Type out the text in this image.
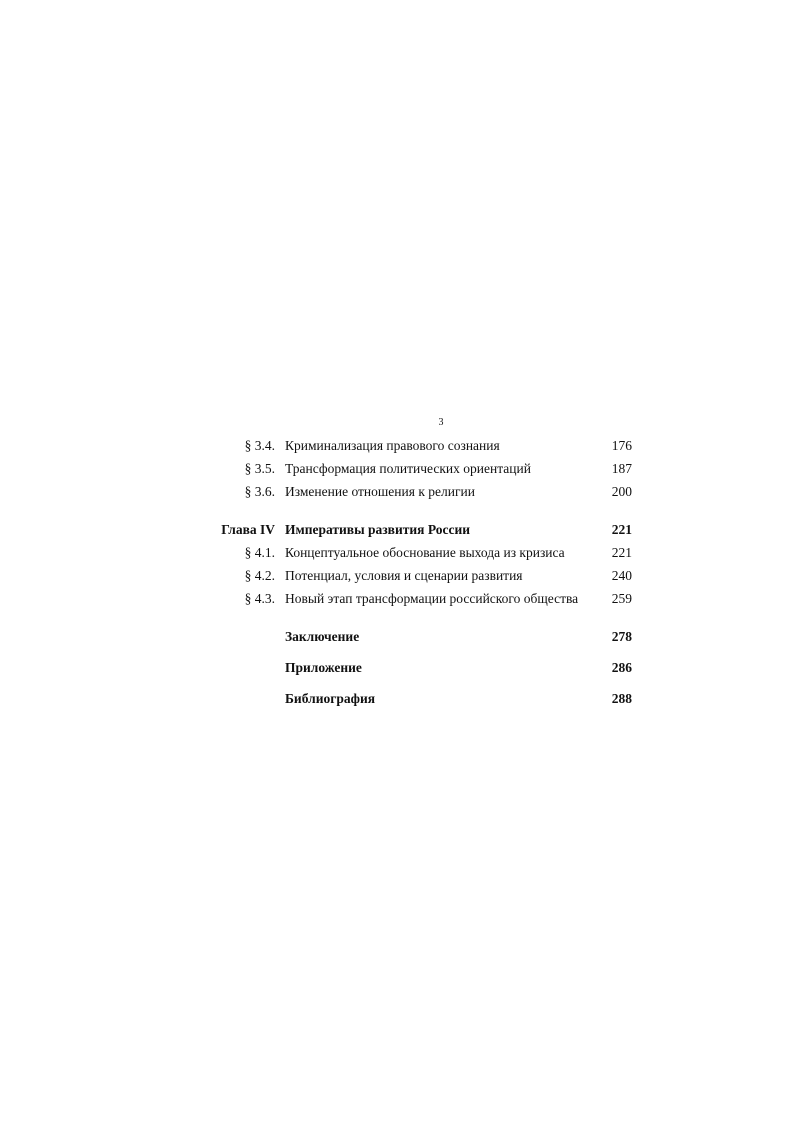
3
§ 3.4. Криминализация правового сознания	176
§ 3.5. Трансформация политических ориентаций	187
§ 3.6. Изменение отношения к религии	200
Глава IV Императивы развития России	221
§ 4.1. Концептуальное обоснование выхода из кризиса	221
§ 4.2. Потенциал, условия и сценарии развития	240
§ 4.3. Новый этап трансформации российского общества 259
Заключение	278
Приложение	286
Библиография	288
